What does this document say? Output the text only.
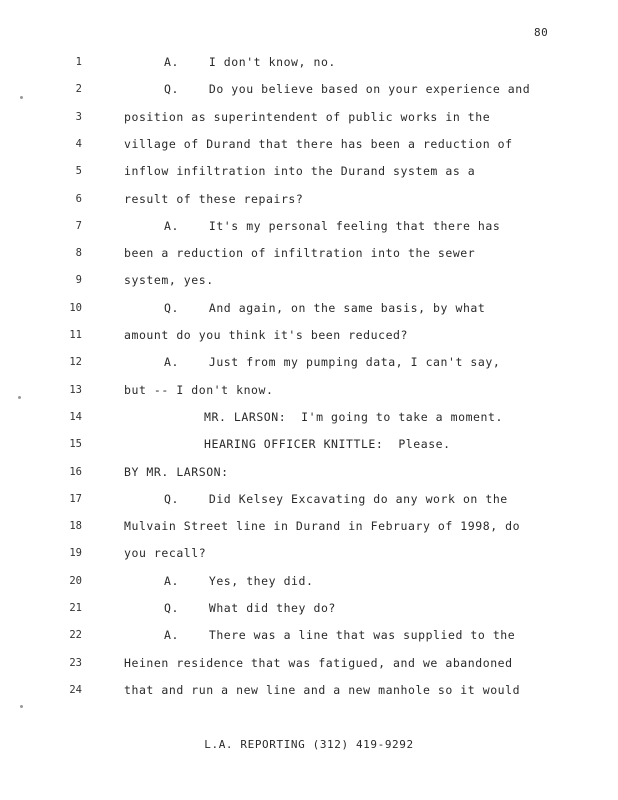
80
1	A.    I don't know, no.
2	Q.    Do you believe based on your experience and
3	position as superintendent of public works in the
4	village of Durand that there has been a reduction of
5	inflow infiltration into the Durand system as a
6	result of these repairs?
7	A.    It's my personal feeling that there has
8	been a reduction of infiltration into the sewer
9	system, yes.
10	Q.    And again, on the same basis, by what
11	amount do you think it's been reduced?
12	A.    Just from my pumping data, I can't say,
13	but -- I don't know.
14	MR. LARSON:  I'm going to take a moment.
15	HEARING OFFICER KNITTLE:  Please.
16	BY MR. LARSON:
17	Q.    Did Kelsey Excavating do any work on the
18	Mulvain Street line in Durand in February of 1998, do
19	you recall?
20	A.    Yes, they did.
21	Q.    What did they do?
22	A.    There was a line that was supplied to the
23	Heinen residence that was fatigued, and we abandoned
24	that and run a new line and a new manhole so it would
L.A. REPORTING (312) 419-9292
